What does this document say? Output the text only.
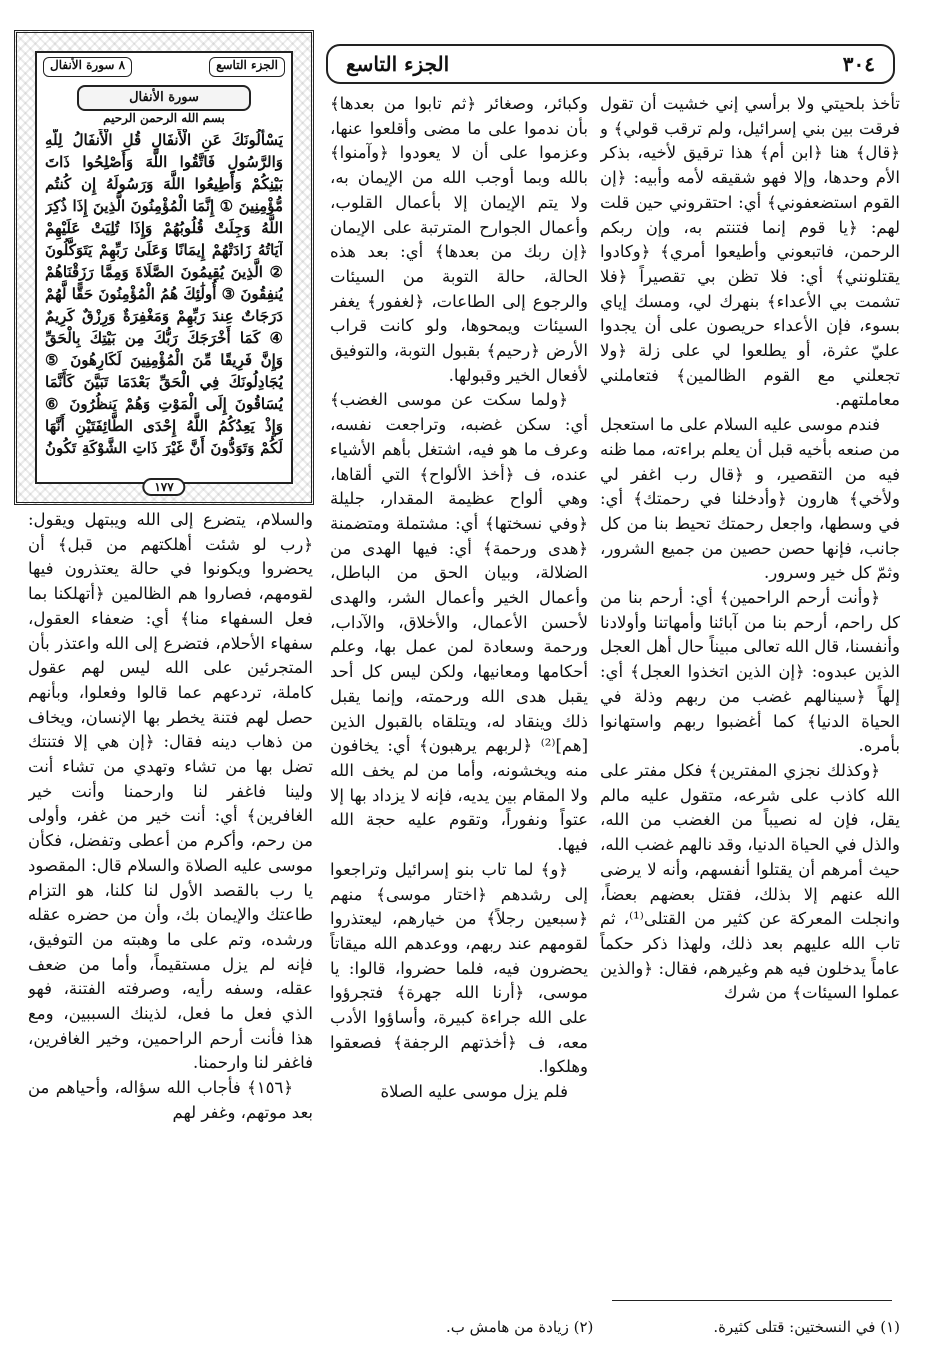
٣٠٤
الجزء التاسع
الجزء التاسع
٨ سورة الأنفال
سورة الأنفال
بسم الله الرحمن الرحيم
يَسْأَلُونَكَ عَنِ الْأَنفَالِ قُلِ الْأَنفَالُ لِلَّهِ وَالرَّسُولِ فَاتَّقُوا اللَّهَ وَأَصْلِحُوا ذَاتَ بَيْنِكُمْ وَأَطِيعُوا اللَّهَ وَرَسُولَهُ إِن كُنتُم مُّؤْمِنِينَ ① إِنَّمَا الْمُؤْمِنُونَ الَّذِينَ إِذَا ذُكِرَ اللَّهُ وَجِلَتْ قُلُوبُهُمْ وَإِذَا تُلِيَتْ عَلَيْهِمْ آيَاتُهُ زَادَتْهُمْ إِيمَانًا وَعَلَىٰ رَبِّهِمْ يَتَوَكَّلُونَ ② الَّذِينَ يُقِيمُونَ الصَّلَاةَ وَمِمَّا رَزَقْنَاهُمْ يُنفِقُونَ ③ أُولَٰئِكَ هُمُ الْمُؤْمِنُونَ حَقًّا لَّهُمْ دَرَجَاتٌ عِندَ رَبِّهِمْ وَمَغْفِرَةٌ وَرِزْقٌ كَرِيمٌ ④ كَمَا أَخْرَجَكَ رَبُّكَ مِن بَيْتِكَ بِالْحَقِّ وَإِنَّ فَرِيقًا مِّنَ الْمُؤْمِنِينَ لَكَارِهُونَ ⑤ يُجَادِلُونَكَ فِي الْحَقِّ بَعْدَمَا تَبَيَّنَ كَأَنَّمَا يُسَاقُونَ إِلَى الْمَوْتِ وَهُمْ يَنظُرُونَ ⑥ وَإِذْ يَعِدُكُمُ اللَّهُ إِحْدَى الطَّائِفَتَيْنِ أَنَّهَا لَكُمْ وَتَوَدُّونَ أَنَّ غَيْرَ ذَاتِ الشَّوْكَةِ تَكُونُ
١٧٧

تأخذ بلحيتي ولا برأسي إني خشيت أن تقول فرقت بين بني إسرائيل، ولم ترقب قولي﴾ و ﴿قال﴾ هنا ﴿ابن أم﴾ هذا ترقيق لأخيه، بذكر الأم وحدها، وإلا فهو شقيقه لأمه وأبيه: ﴿إن القوم استضعفوني﴾ أي: احتقروني حين قلت لهم: ﴿يا قوم إنما فتنتم به، وإن ربكم الرحمن، فاتبعوني وأطيعوا أمري﴾ ﴿وكادوا يقتلونني﴾ أي: فلا تظن بي تقصيراً ﴿فلا تشمت بي الأعداء﴾ بنهرك لي، ومسك إياي بسوء، فإن الأعداء حريصون على أن يجدوا عليّ عثرة، أو يطلعوا لي على زلة ﴿ولا تجعلني مع القوم الظالمين﴾ فتعاملني معاملتهم.

فندم موسى عليه السلام على ما استعجل من صنعه بأخيه قبل أن يعلم براءته، مما ظنه فيه من التقصير، و ﴿قال رب اغفر لي ولأخي﴾ هارون ﴿وأدخلنا في رحمتك﴾ أي: في وسطها، واجعل رحمتك تحيط بنا من كل جانب، فإنها حصن حصين من جميع الشرور، وثمّ كل خير وسرور.

﴿وأنت أرحم الراحمين﴾ أي: أرحم بنا من كل راحم، أرحم بنا من آبائنا وأمهاتنا وأولادنا وأنفسنا، قال الله تعالى مبيناً حال أهل العجل الذين عبدوه: ﴿إن الذين اتخذوا العجل﴾ أي: إلهاً ﴿سينالهم غضب من ربهم وذلة في الحياة الدنيا﴾ كما أغضبوا ربهم واستهانوا بأمره.

﴿وكذلك نجزي المفترين﴾ فكل مفتر على الله كاذب على شرعه، متقول عليه مالم يقل، فإن له نصيباً من الغضب من الله، والذل في الحياة الدنيا، وقد نالهم غضب الله، حيث أمرهم أن يقتلوا أنفسهم، وأنه لا يرضى الله عنهم إلا بذلك، فقتل بعضهم بعضاً، وانجلت المعركة عن كثير من القتلى⁽¹⁾، ثم تاب الله عليهم بعد ذلك، ولهذا ذكر حكماً عاماً يدخلون فيه هم وغيرهم، فقال: ﴿والذين عملوا السيئات﴾ من شرك

وكبائر، وصغائر ﴿ثم تابوا من بعدها﴾ بأن ندموا على ما مضى وأقلعوا عنها، وعزموا على أن لا يعودوا ﴿وآمنوا﴾ بالله وبما أوجب الله من الإيمان به، ولا يتم الإيمان إلا بأعمال القلوب، وأعمال الجوارح المترتبة على الإيمان ﴿إن ربك من بعدها﴾ أي: بعد هذه الحالة، حالة التوبة من السيئات والرجوع إلى الطاعات، ﴿لغفور﴾ يغفر السيئات ويمحوها، ولو كانت قراب الأرض ﴿رحيم﴾ بقبول التوبة، والتوفيق لأفعال الخير وقبولها.

﴿ولما سكت عن موسى الغضب﴾ أي: سكن غضبه، وتراجعت نفسه، وعرف ما هو فيه، اشتغل بأهم الأشياء عنده، ف ﴿أخذ الألواح﴾ التي ألقاها، وهي ألواح عظيمة المقدار، جليلة ﴿وفي نسختها﴾ أي: مشتملة ومتضمنة ﴿هدى ورحمة﴾ أي: فيها الهدى من الضلالة، وبيان الحق من الباطل، وأعمال الخير وأعمال الشر، والهدى لأحسن الأعمال، والأخلاق، والآداب، ورحمة وسعادة لمن عمل بها، وعلم أحكامها ومعانيها، ولكن ليس كل أحد يقبل هدى الله ورحمته، وإنما يقبل ذلك وينقاد له، ويتلقاه بالقبول الذين [هم]⁽²⁾ ﴿لربهم يرهبون﴾ أي: يخافون منه ويخشونه، وأما من لم يخف الله ولا المقام بين يديه، فإنه لا يزداد بها إلا عتواً ونفوراً، وتقوم عليه حجة الله فيها.

﴿و﴾ لما تاب بنو إسرائيل وتراجعوا إلى رشدهم ﴿اختار موسى﴾ منهم ﴿سبعين رجلاً﴾ من خيارهم، ليعتذروا لقومهم عند ربهم، ووعدهم الله ميقاتاً يحضرون فيه، فلما حضروا، قالوا: يا موسى، ﴿أرنا الله جهرة﴾ فتجرؤوا على الله جراءة كبيرة، وأساؤوا الأدب معه، ف ﴿أخذتهم الرجفة﴾ فصعقوا وهلكوا.

فلم يزل موسى عليه الصلاة

والسلام، يتضرع إلى الله ويبتهل ويقول: ﴿رب لو شئت أهلكتهم من قبل﴾ أن يحضروا ويكونوا في حالة يعتذرون فيها لقومهم، فصاروا هم الظالمين ﴿أتهلكنا بما فعل السفهاء منا﴾ أي: ضعفاء العقول، سفهاء الأحلام، فتضرع إلى الله واعتذر بأن المتجرئين على الله ليس لهم عقول كاملة، تردعهم عما قالوا وفعلوا، وبأنهم حصل لهم فتنة يخطر بها الإنسان، ويخاف من ذهاب دينه فقال: ﴿إن هي إلا فتنتك تضل بها من تشاء وتهدي من تشاء أنت ولينا فاغفر لنا وارحمنا وأنت خير الغافرين﴾ أي: أنت خير من غفر، وأولى من رحم، وأكرم من أعطى وتفضل، فكأن موسى عليه الصلاة والسلام قال: المقصود يا رب بالقصد الأول لنا كلنا، هو التزام طاعتك والإيمان بك، وأن من حضره عقله ورشده، وتم على ما وهبته من التوفيق، فإنه لم يزل مستقيماً، وأما من ضعف عقله، وسفه رأيه، وصرفته الفتنة، فهو الذي فعل ما فعل، لذينك السببين، ومع هذا فأنت أرحم الراحمين، وخير الغافرين، فاغفر لنا وارحمنا.

﴿١٥٦﴾ فأجاب الله سؤاله، وأحياهم من بعد موتهم، وغفر لهم

(١) في النسختين: قتلى كثيرة.
(٢) زيادة من هامش ب.
